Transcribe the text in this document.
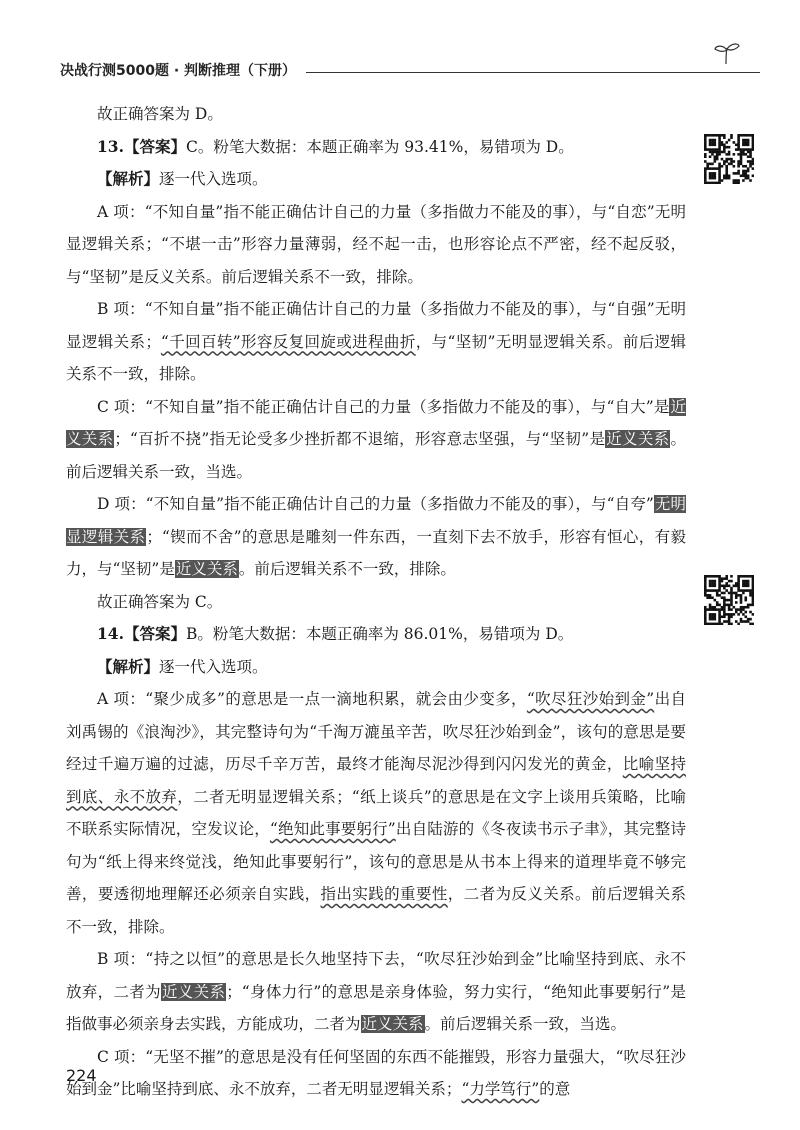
决战行测5000题 · 判断推理（下册）

故正确答案为 D。

13.【答案】C。粉笔大数据：本题正确率为 93.41%，易错项为 D。

【解析】逐一代入选项。

A 项：“不知自量”指不能正确估计自己的力量（多指做力不能及的事），与“自恋”无明显逻辑关系；“不堪一击”形容力量薄弱，经不起一击，也形容论点不严密，经不起反驳，与“坚韧”是反义关系。前后逻辑关系不一致，排除。

B 项：“不知自量”指不能正确估计自己的力量（多指做力不能及的事），与“自强”无明显逻辑关系；“千回百转”形容反复回旋或进程曲折，与“坚韧”无明显逻辑关系。前后逻辑关系不一致，排除。

C 项：“不知自量”指不能正确估计自己的力量（多指做力不能及的事），与“自大”是近义关系；“百折不挠”指无论受多少挫折都不退缩，形容意志坚强，与“坚韧”是近义关系。前后逻辑关系一致，当选。

D 项：“不知自量”指不能正确估计自己的力量（多指做力不能及的事），与“自夸”无明显逻辑关系；“锲而不舍”的意思是雕刻一件东西，一直刻下去不放手，形容有恒心，有毅力，与“坚韧”是近义关系。前后逻辑关系不一致，排除。

故正确答案为 C。

14.【答案】B。粉笔大数据：本题正确率为 86.01%，易错项为 D。

【解析】逐一代入选项。

A 项：“聚少成多”的意思是一点一滴地积累，就会由少变多，“吹尽狂沙始到金”出自刘禹锡的《浪淘沙》，其完整诗句为“千淘万漉虽辛苦，吹尽狂沙始到金”，该句的意思是要经过千遍万遍的过滤，历尽千辛万苦，最终才能淘尽泥沙得到闪闪发光的黄金，比喻坚持到底、永不放弃，二者无明显逻辑关系；“纸上谈兵”的意思是在文字上谈用兵策略，比喻不联系实际情况，空发议论，“绝知此事要躬行”出自陆游的《冬夜读书示子聿》，其完整诗句为“纸上得来终觉浅，绝知此事要躬行”，该句的意思是从书本上得来的道理毕竟不够完善，要透彻地理解还必须亲自实践，指出实践的重要性，二者为反义关系。前后逻辑关系不一致，排除。

B 项：“持之以恒”的意思是长久地坚持下去，“吹尽狂沙始到金”比喻坚持到底、永不放弃，二者为近义关系；“身体力行”的意思是亲身体验，努力实行，“绝知此事要躬行”是指做事必须亲身去实践，方能成功，二者为近义关系。前后逻辑关系一致，当选。

C 项：“无坚不摧”的意思是没有任何坚固的东西不能摧毁，形容力量强大，“吹尽狂沙始到金”比喻坚持到底、永不放弃，二者无明显逻辑关系；“力学笃行”的意

224
